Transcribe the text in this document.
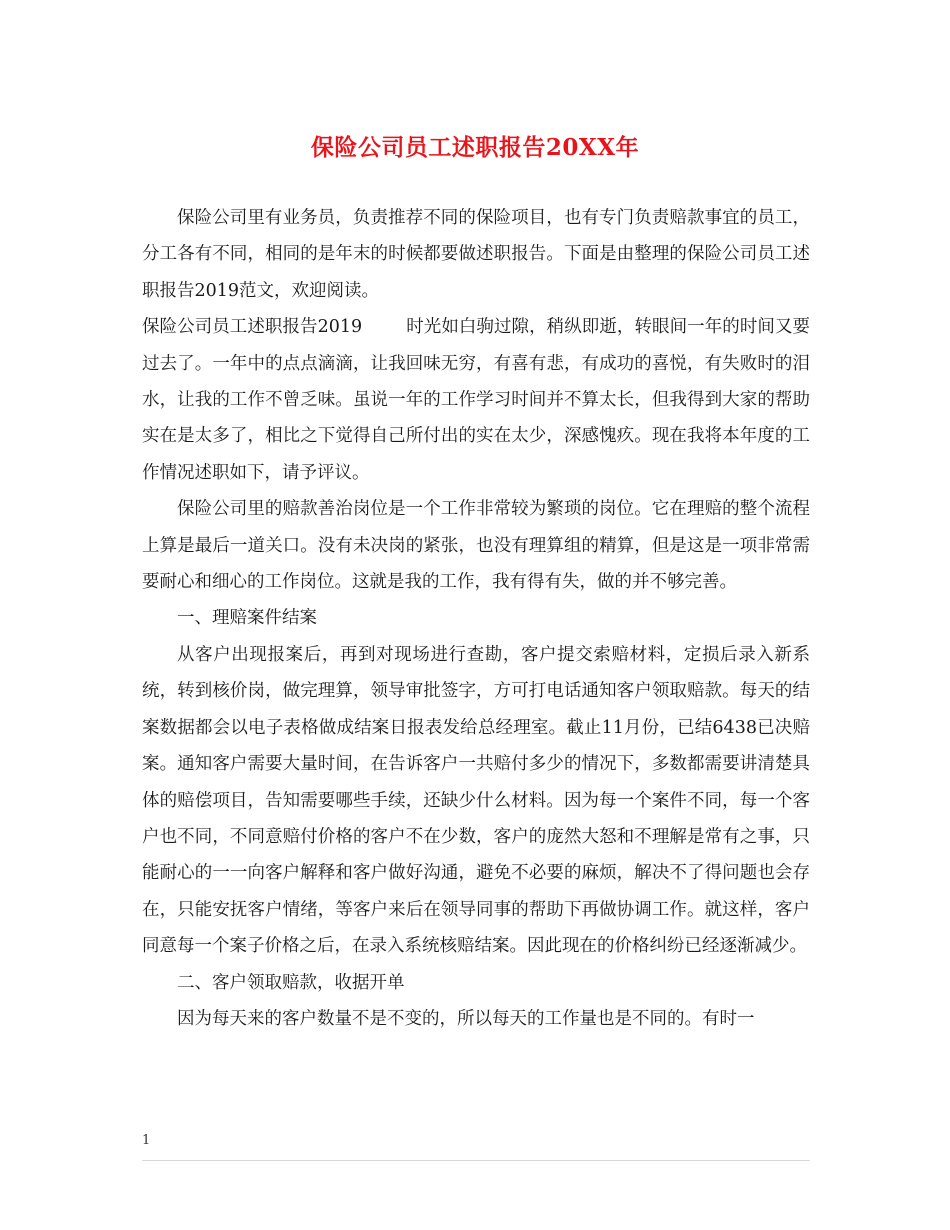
保险公司员工述职报告20XX年

保险公司里有业务员，负责推荐不同的保险项目，也有专门负责赔款事宜的员工，分工各有不同，相同的是年末的时候都要做述职报告。下面是由整理的保险公司员工述职报告2019范文，欢迎阅读。

保险公司员工述职报告2019	时光如白驹过隙，稍纵即逝，转眼间一年的时间又要过去了。一年中的点点滴滴，让我回味无穷，有喜有悲，有成功的喜悦，有失败时的泪水，让我的工作不曾乏味。虽说一年的工作学习时间并不算太长，但我得到大家的帮助实在是太多了，相比之下觉得自己所付出的实在太少，深感愧疚。现在我将本年度的工作情况述职如下，请予评议。

保险公司里的赔款善治岗位是一个工作非常较为繁琐的岗位。它在理赔的整个流程上算是最后一道关口。没有未决岗的紧张，也没有理算组的精算，但是这是一项非常需要耐心和细心的工作岗位。这就是我的工作，我有得有失，做的并不够完善。

一、理赔案件结案

从客户出现报案后，再到对现场进行查勘，客户提交索赔材料，定损后录入新系统，转到核价岗，做完理算，领导审批签字，方可打电话通知客户领取赔款。每天的结案数据都会以电子表格做成结案日报表发给总经理室。截止11月份，已结6438已决赔案。通知客户需要大量时间，在告诉客户一共赔付多少的情况下，多数都需要讲清楚具体的赔偿项目，告知需要哪些手续，还缺少什么材料。因为每一个案件不同，每一个客户也不同，不同意赔付价格的客户不在少数，客户的庞然大怒和不理解是常有之事，只能耐心的一一向客户解释和客户做好沟通，避免不必要的麻烦，解决不了得问题也会存在，只能安抚客户情绪，等客户来后在领导同事的帮助下再做协调工作。就这样，客户同意每一个案子价格之后，在录入系统核赔结案。因此现在的价格纠纷已经逐渐减少。

二、客户领取赔款，收据开单

因为每天来的客户数量不是不变的，所以每天的工作量也是不同的。有时一

1
